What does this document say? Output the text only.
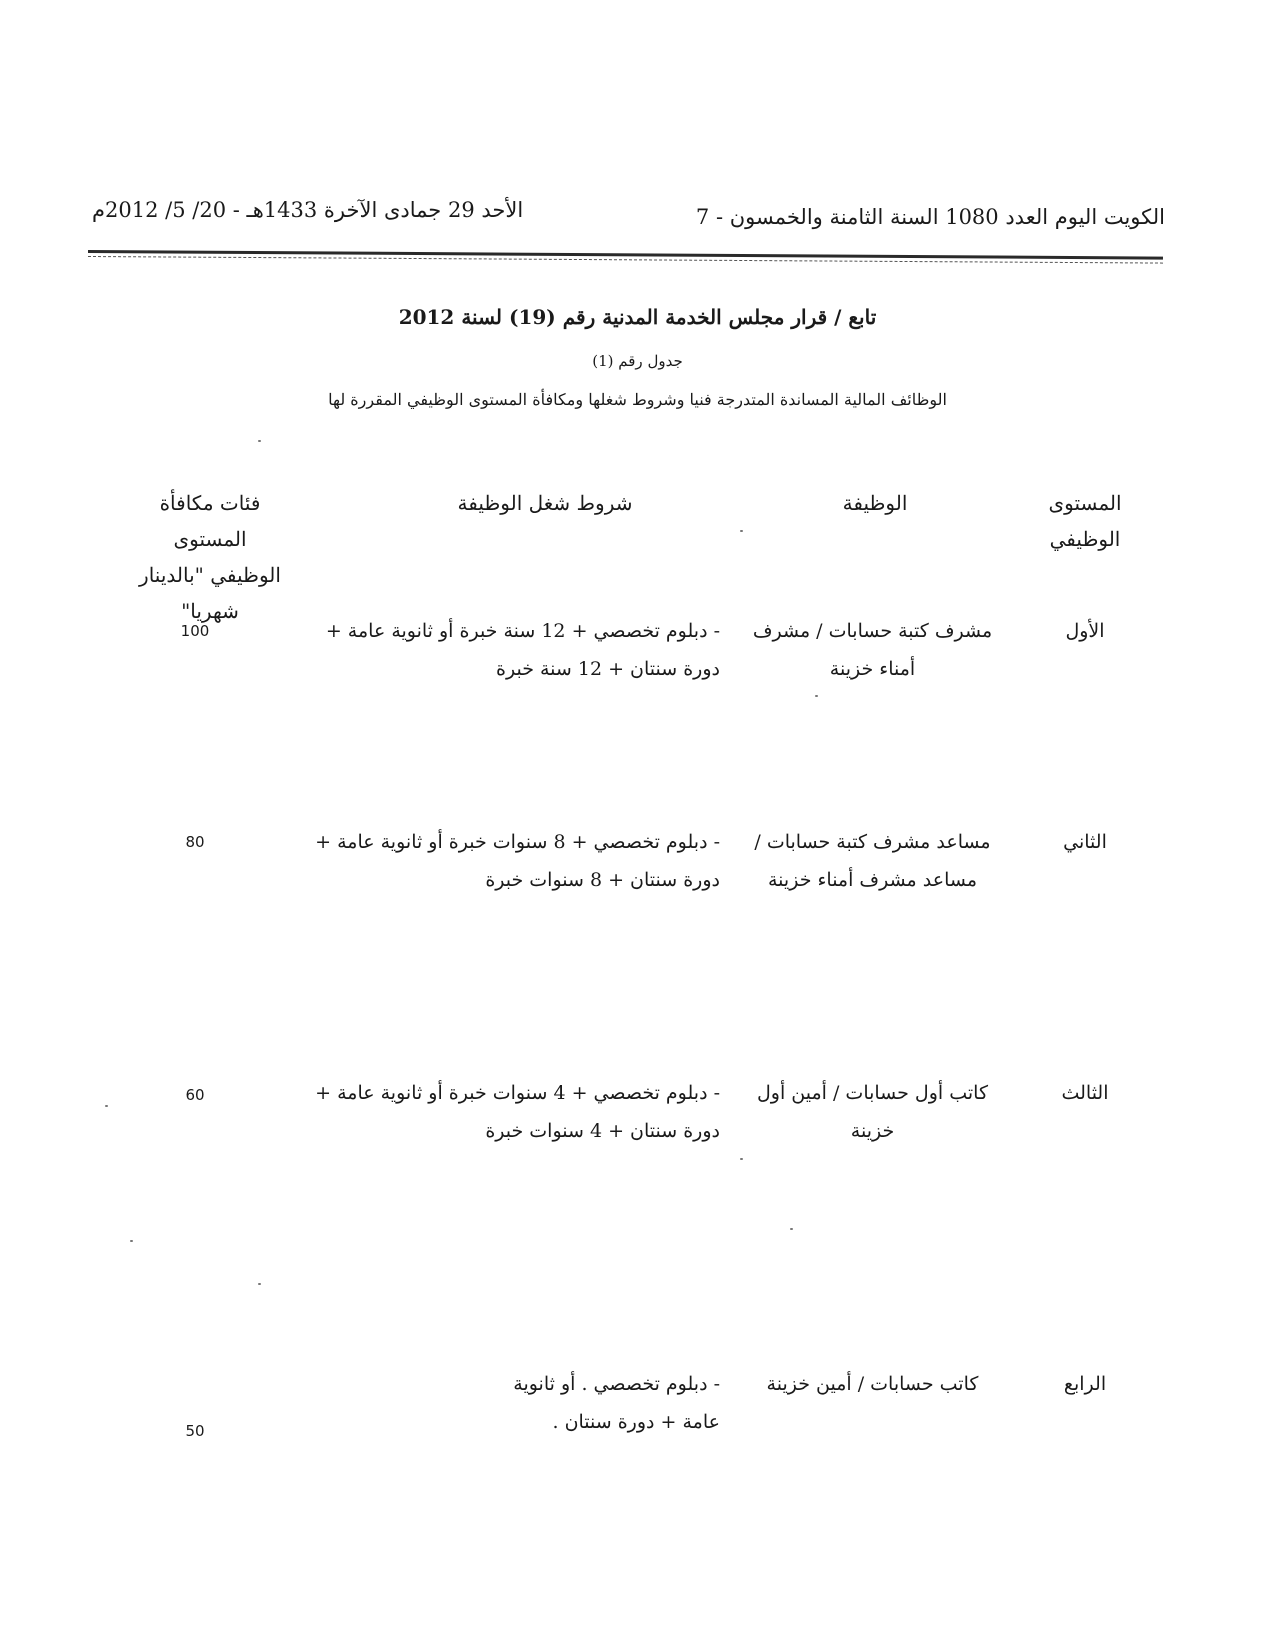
الكويت اليوم العدد 1080 السنة الثامنة والخمسون - 7
الأحد 29 جمادى الآخرة 1433هـ - 20/ 5/ 2012م
تابع / قرار مجلس الخدمة المدنية رقم (19) لسنة 2012
جدول رقم (1)
الوظائف المالية المساندة المتدرجة فنيا وشروط شغلها ومكافأة المستوى الوظيفي المقررة لها
المستوى الوظيفي
الوظيفة
شروط شغل الوظيفة
فئات مكافأة المستوى الوظيفي "بالدينار شهريا"
الأول
مشرف كتبة حسابات / مشرف أمناء خزينة
- دبلوم تخصصي + 12 سنة خبرة أو ثانوية عامة + دورة سنتان + 12 سنة خبرة
100
الثاني
مساعد مشرف كتبة حسابات / مساعد مشرف أمناء خزينة
- دبلوم تخصصي + 8 سنوات خبرة أو ثانوية عامة + دورة سنتان + 8 سنوات خبرة
80
الثالث
كاتب أول حسابات / أمين أول خزينة
- دبلوم تخصصي + 4 سنوات خبرة أو ثانوية عامة + دورة سنتان + 4 سنوات خبرة
60
الرابع
كاتب حسابات / أمين خزينة
- دبلوم تخصصي . أو ثانوية عامة + دورة سنتان .
50
